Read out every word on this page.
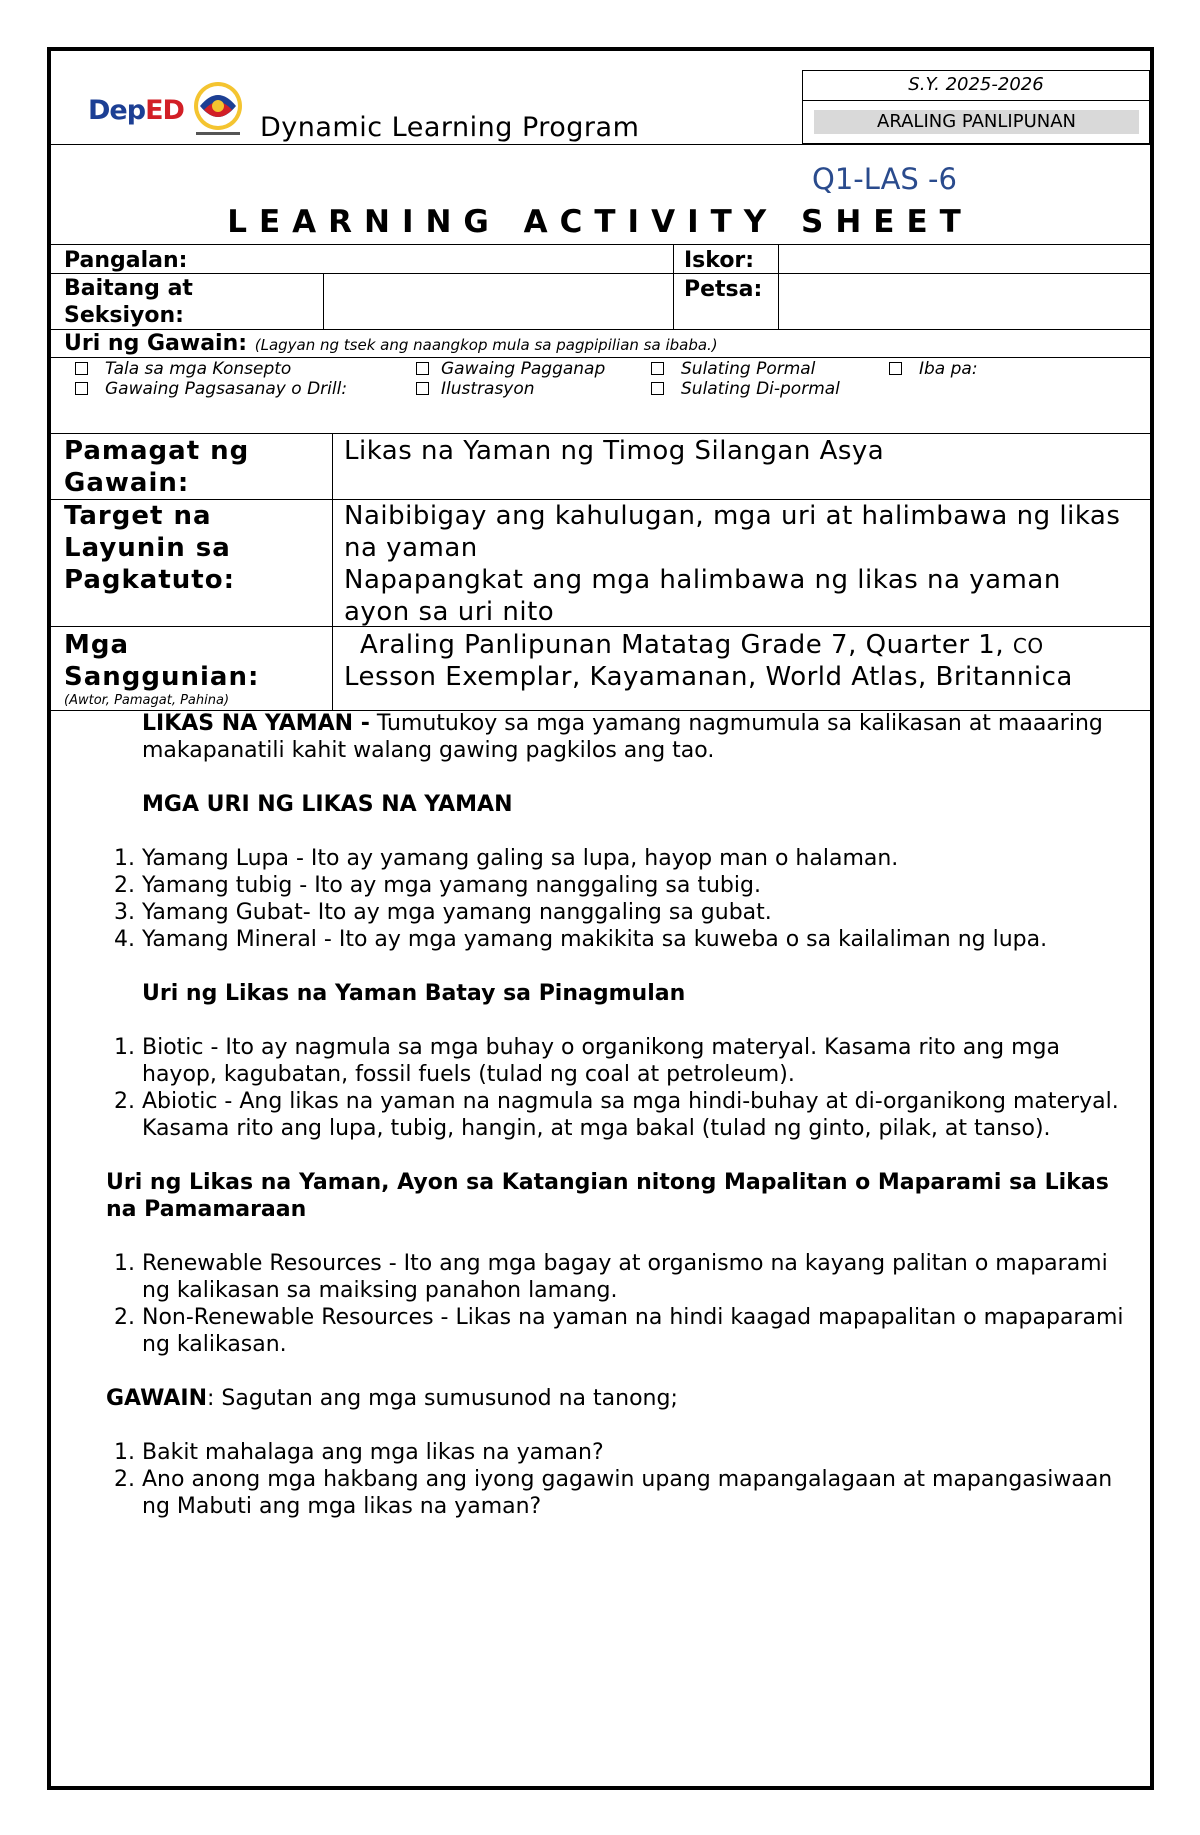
DepED
Dynamic Learning Program
S.Y. 2025-2026
ARALING PANLIPUNAN
Q1-LAS -6
LEARNING ACTIVITY SHEET
Pangalan:	Iskor:
Baitang at
Seksiyon:
Petsa:
Uri ng Gawain: (Lagyan ng tsek ang naangkop mula sa pagpipilian sa ibaba.)
Tala sa mga Konsepto
Gawaing Pagsasanay o Drill:
Gawaing Pagganap
Ilustrasyon
Sulating Pormal
Sulating Di-pormal
Iba pa:
Pamagat ng
Gawain:
Likas na Yaman ng Timog Silangan Asya
Target na
Layunin sa
Pagkatuto:
Naibibigay ang kahulugan, mga uri at halimbawa ng likas
na yaman
Napapangkat ang mga halimbawa ng likas na yaman
ayon sa uri nito
Mga
Sanggunian:
(Awtor, Pamagat, Pahina)
Araling Panlipunan Matatag Grade 7, Quarter 1, CO
Lesson Exemplar, Kayamanan, World Atlas, Britannica

LIKAS NA YAMAN - Tumutukoy sa mga yamang nagmumula sa kalikasan at maaaring makapanatili kahit walang gawing pagkilos ang tao.

MGA URI NG LIKAS NA YAMAN

1. Yamang Lupa - Ito ay yamang galing sa lupa, hayop man o halaman.
2. Yamang tubig - Ito ay mga yamang nanggaling sa tubig.
3. Yamang Gubat- Ito ay mga yamang nanggaling sa gubat.
4. Yamang Mineral - Ito ay mga yamang makikita sa kuweba o sa kailaliman ng lupa.

Uri ng Likas na Yaman Batay sa Pinagmulan

1. Biotic - Ito ay nagmula sa mga buhay o organikong materyal. Kasama rito ang mga hayop, kagubatan, fossil fuels (tulad ng coal at petroleum).
2. Abiotic - Ang likas na yaman na nagmula sa mga hindi-buhay at di-organikong materyal. Kasama rito ang lupa, tubig, hangin, at mga bakal (tulad ng ginto, pilak, at tanso).

Uri ng Likas na Yaman, Ayon sa Katangian nitong Mapalitan o Maparami sa Likas na Pamamaraan

1. Renewable Resources - Ito ang mga bagay at organismo na kayang palitan o maparami ng kalikasan sa maiksing panahon lamang.
2. Non-Renewable Resources - Likas na yaman na hindi kaagad mapapalitan o mapaparami ng kalikasan.

GAWAIN: Sagutan ang mga sumusunod na tanong;

1. Bakit mahalaga ang mga likas na yaman?
2. Ano anong mga hakbang ang iyong gagawin upang mapangalagaan at mapangasiwaan ng Mabuti ang mga likas na yaman?
